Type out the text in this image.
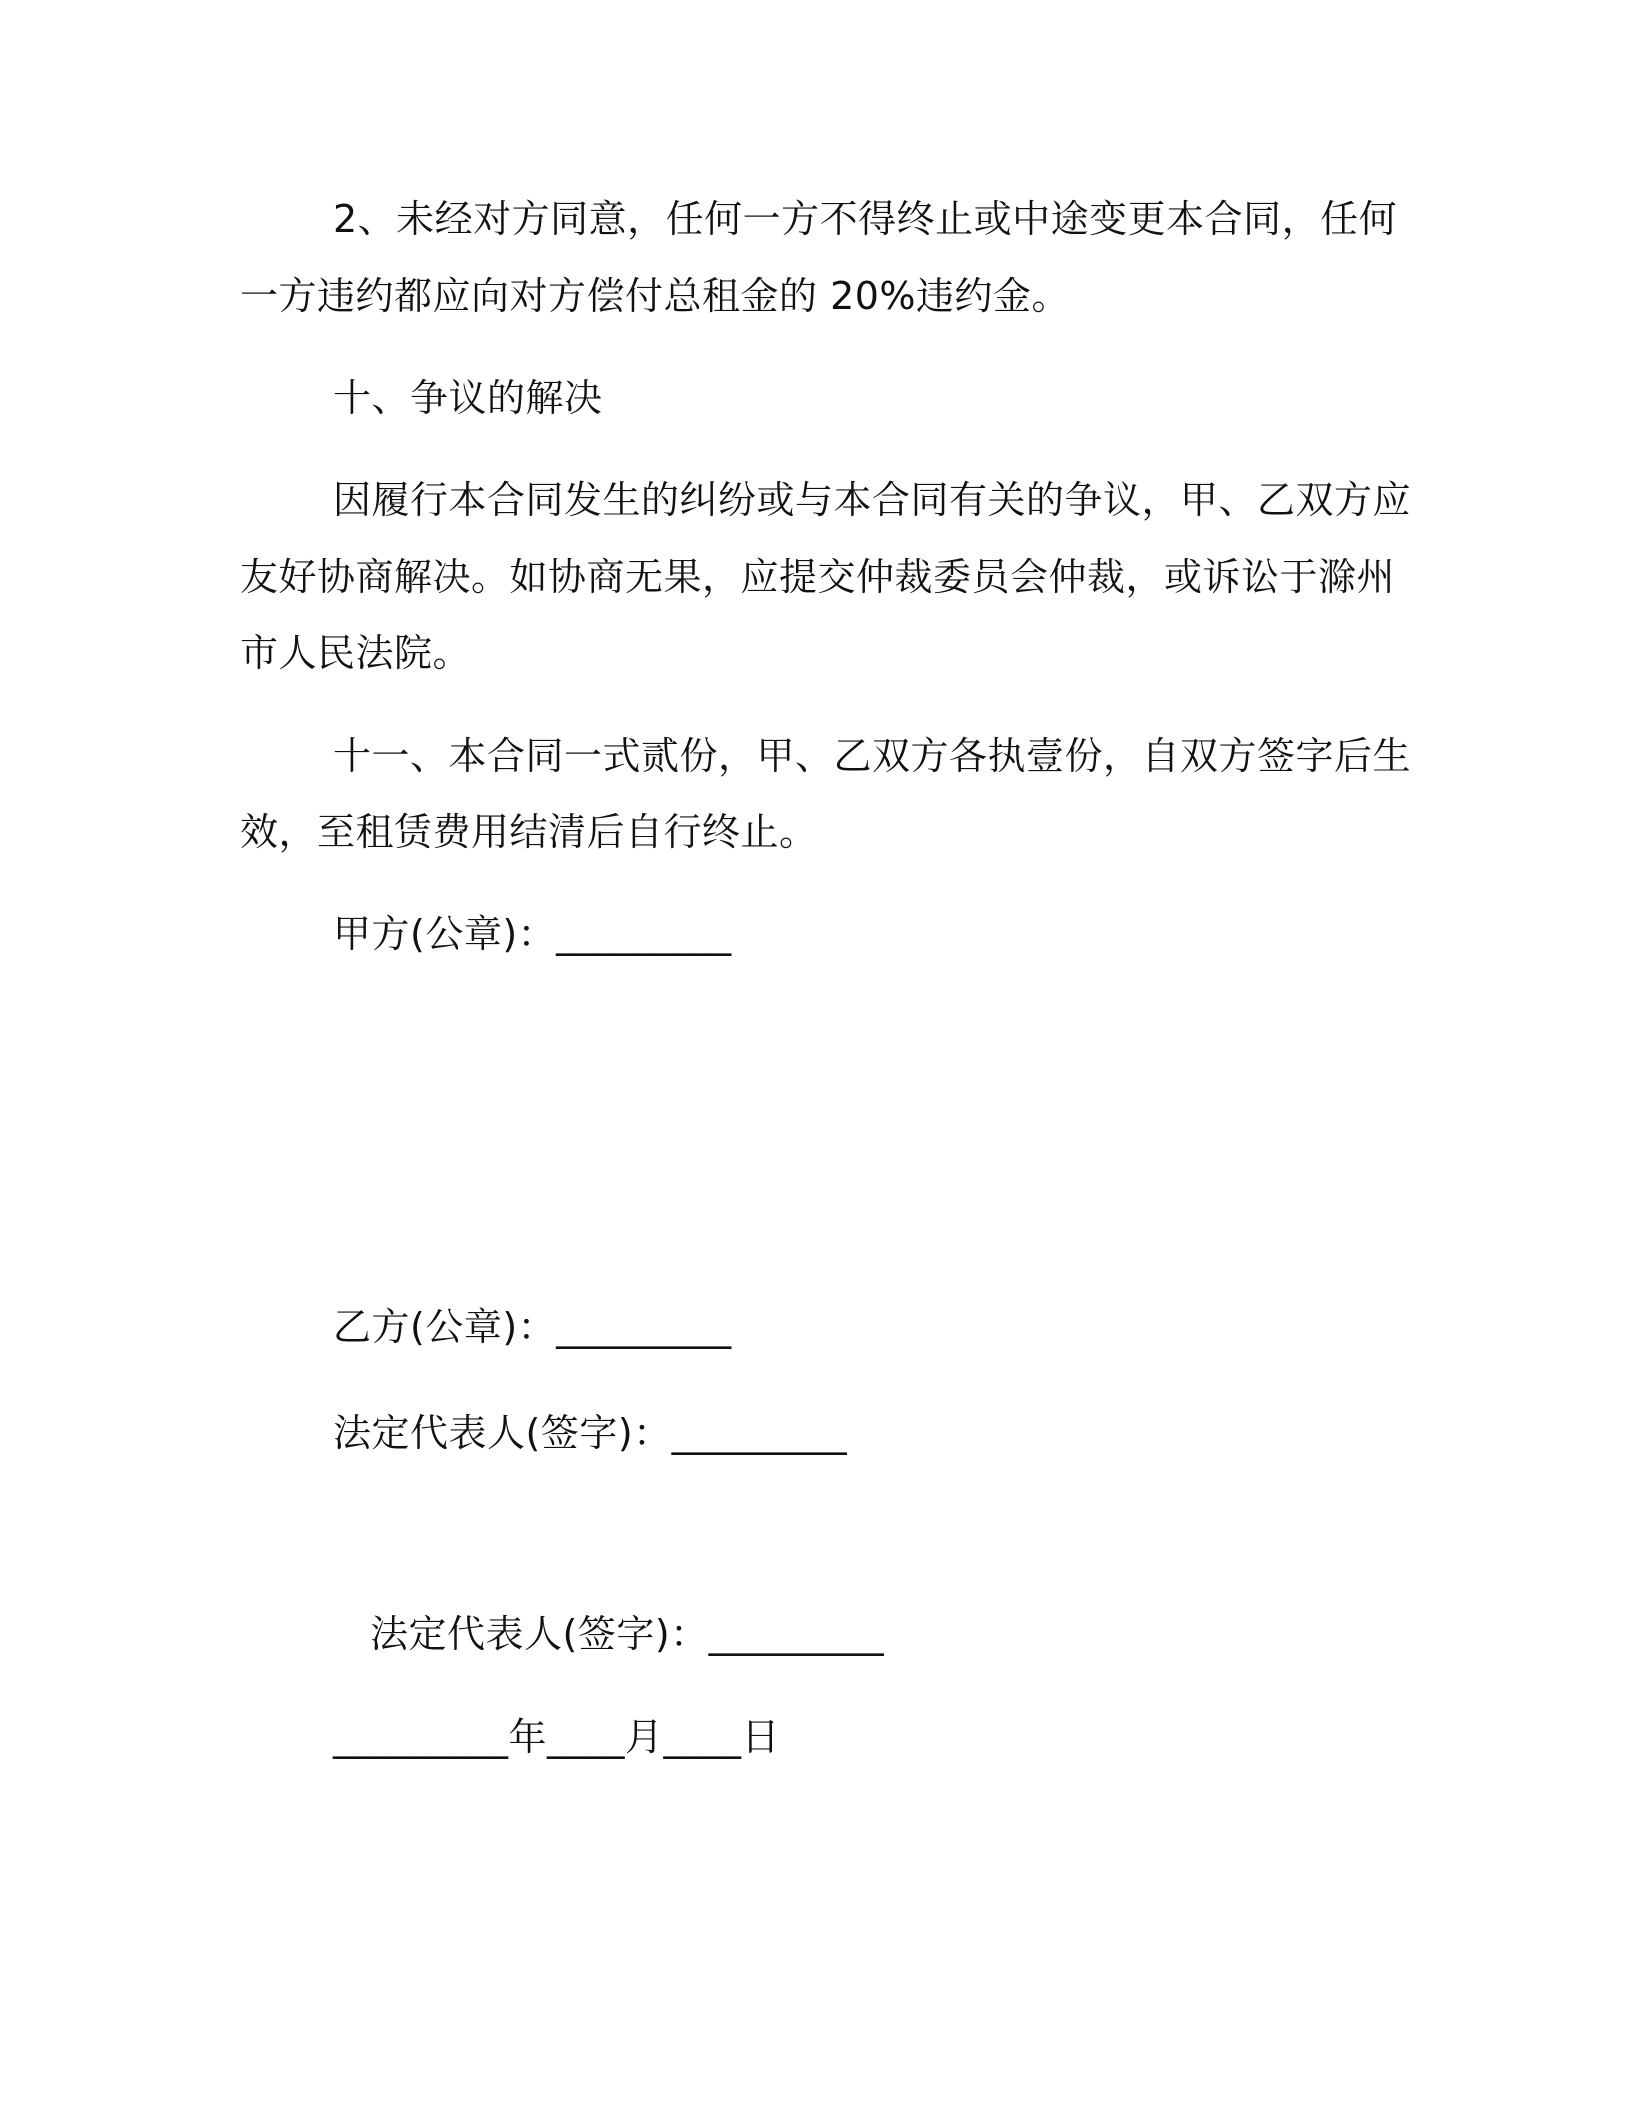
2、未经对方同意，任何一方不得终止或中途变更本合同，任何
一方违约都应向对方偿付总租金的 20%违约金。
十、争议的解决
因履行本合同发生的纠纷或与本合同有关的争议，甲、乙双方应
友好协商解决。如协商无果，应提交仲裁委员会仲裁，或诉讼于滁州
市人民法院。
十一、本合同一式贰份，甲、乙双方各执壹份，自双方签字后生
效，至租赁费用结清后自行终止。
甲方(公章)：_________
乙方(公章)：_________
法定代表人(签字)：_________
法定代表人(签字)：_________
_________年____月____日
